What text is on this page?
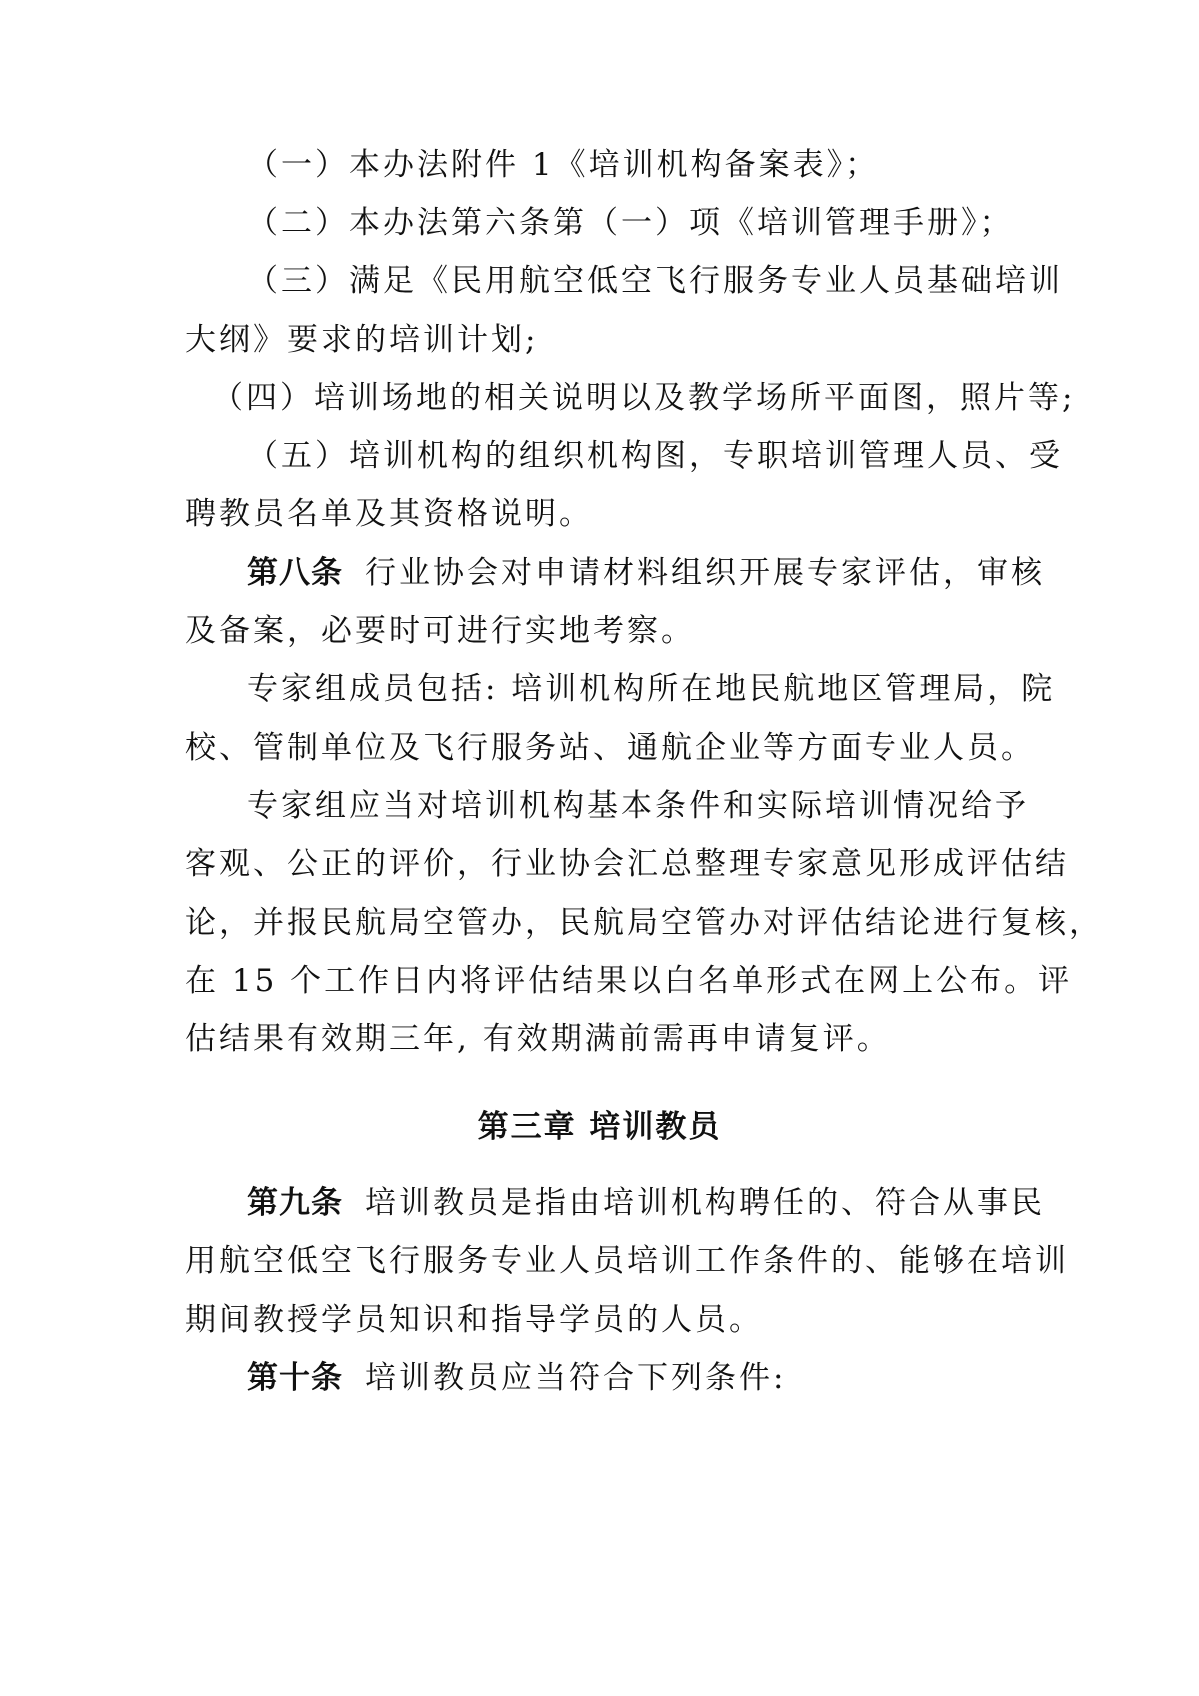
（一）本办法附件 1《培训机构备案表》；
（二）本办法第六条第（一）项《培训管理手册》；
（三）满足《民用航空低空飞行服务专业人员基础培训
大纲》要求的培训计划;
（四）培训场地的相关说明以及教学场所平面图，照片等;
（五）培训机构的组织机构图，专职培训管理人员、受
聘教员名单及其资格说明。
第八条 行业协会对申请材料组织开展专家评估，审核
及备案，必要时可进行实地考察。
专家组成员包括: 培训机构所在地民航地区管理局，院
校、管制单位及飞行服务站、通航企业等方面专业人员。
专家组应当对培训机构基本条件和实际培训情况给予
客观、公正的评价，行业协会汇总整理专家意见形成评估结
论，并报民航局空管办，民航局空管办对评估结论进行复核，
在 15 个工作日内将评估结果以白名单形式在网上公布。评
估结果有效期三年, 有效期满前需再申请复评。
第三章 培训教员
第九条 培训教员是指由培训机构聘任的、符合从事民
用航空低空飞行服务专业人员培训工作条件的、能够在培训
期间教授学员知识和指导学员的人员。
第十条 培训教员应当符合下列条件:
